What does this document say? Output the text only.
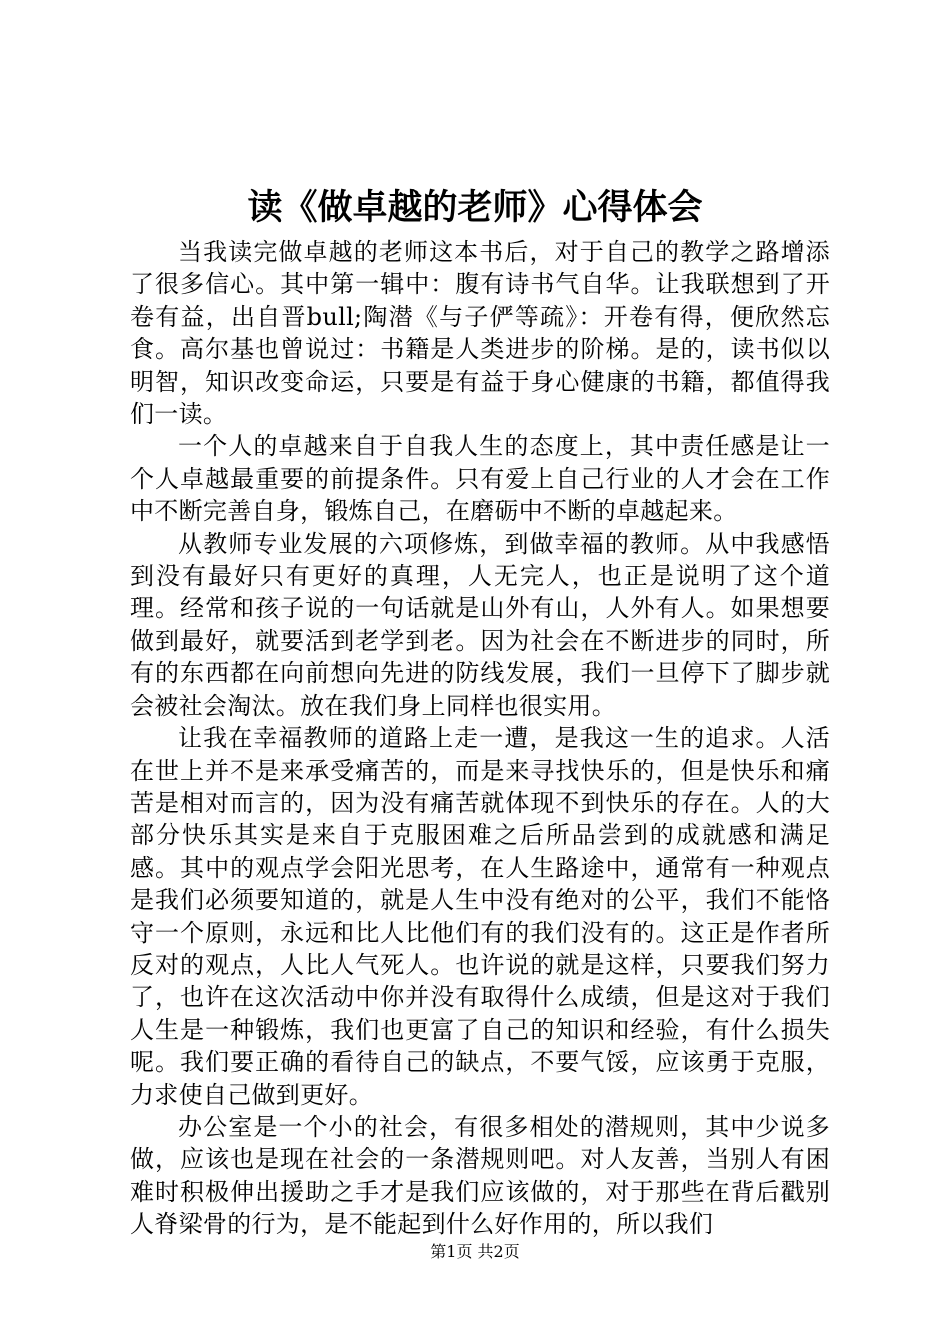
读《做卓越的老师》心得体会

当我读完做卓越的老师这本书后，对于自己的教学之路增添了很多信心。其中第一辑中：腹有诗书气自华。让我联想到了开卷有益，出自晋bull;陶潜《与子俨等疏》：开卷有得，便欣然忘食。高尔基也曾说过：书籍是人类进步的阶梯。是的，读书似以明智，知识改变命运，只要是有益于身心健康的书籍，都值得我们一读。

一个人的卓越来自于自我人生的态度上，其中责任感是让一个人卓越最重要的前提条件。只有爱上自己行业的人才会在工作中不断完善自身，锻炼自己，在磨砺中不断的卓越起来。

从教师专业发展的六项修炼，到做幸福的教师。从中我感悟到没有最好只有更好的真理，人无完人，也正是说明了这个道理。经常和孩子说的一句话就是山外有山，人外有人。如果想要做到最好，就要活到老学到老。因为社会在不断进步的同时，所有的东西都在向前想向先进的防线发展，我们一旦停下了脚步就会被社会淘汰。放在我们身上同样也很实用。

让我在幸福教师的道路上走一遭，是我这一生的追求。人活在世上并不是来承受痛苦的，而是来寻找快乐的，但是快乐和痛苦是相对而言的，因为没有痛苦就体现不到快乐的存在。人的大部分快乐其实是来自于克服困难之后所品尝到的成就感和满足感。其中的观点学会阳光思考，在人生路途中，通常有一种观点是我们必须要知道的，就是人生中没有绝对的公平，我们不能恪守一个原则，永远和比人比他们有的我们没有的。这正是作者所反对的观点，人比人气死人。也许说的就是这样，只要我们努力了，也许在这次活动中你并没有取得什么成绩，但是这对于我们人生是一种锻炼，我们也更富了自己的知识和经验，有什么损失呢。我们要正确的看待自己的缺点，不要气馁，应该勇于克服，力求使自己做到更好。

办公室是一个小的社会，有很多相处的潜规则，其中少说多做，应该也是现在社会的一条潜规则吧。对人友善，当别人有困难时积极伸出援助之手才是我们应该做的，对于那些在背后戳别人脊梁骨的行为，是不能起到什么好作用的，所以我们

第1页 共2页
